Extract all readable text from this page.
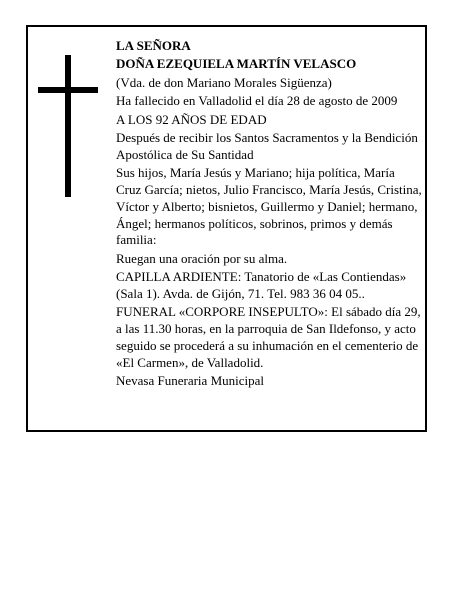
LA SEÑORA

DOÑA EZEQUIELA MARTÍN VELASCO

(Vda. de don Mariano Morales Sigüenza)

Ha fallecido en Valladolid el día 28 de agosto de 2009

A LOS 92 AÑOS DE EDAD

Después de recibir los Santos Sacramentos y la Bendición Apostólica de Su Santidad

Sus hijos, María Jesús y Mariano; hija política, María Cruz García; nietos, Julio Francisco, María Jesús, Cristina, Víctor y Alberto; bisnietos, Guillermo y Daniel; hermano, Ángel; hermanos políticos, sobrinos, primos y demás familia:

Ruegan una oración por su alma.

CAPILLA ARDIENTE: Tanatorio de «Las Contiendas» (Sala 1). Avda. de Gijón, 71. Tel. 983 36 04 05..

FUNERAL «CORPORE INSEPULTO»: El sábado día 29, a las 11.30 horas, en la parroquia de San Ildefonso, y acto seguido se procederá a su inhumación en el cementerio de «El Carmen», de Valladolid.

Nevasa Funeraria Municipal
